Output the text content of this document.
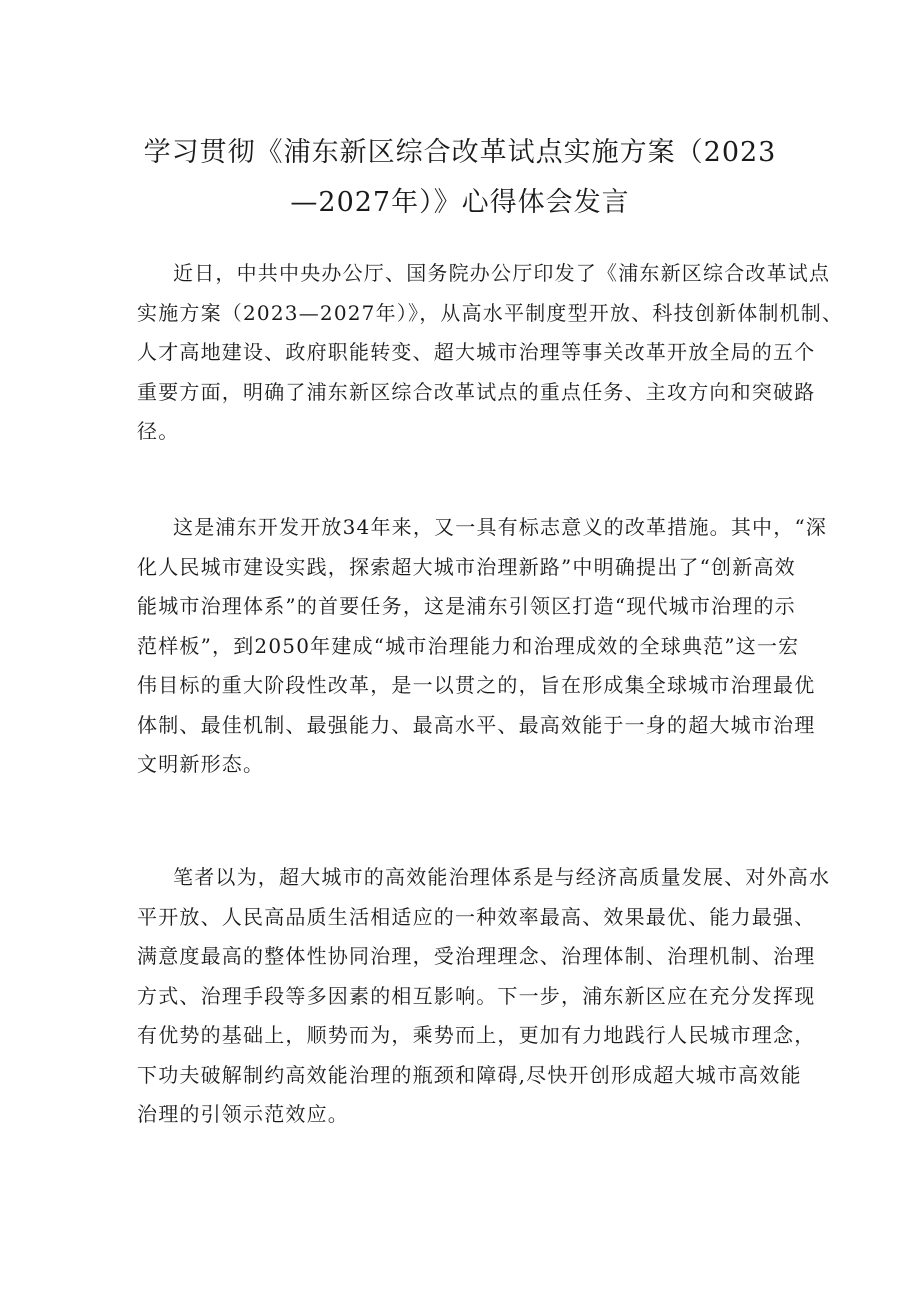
学习贯彻《浦东新区综合改革试点实施方案（2023
—2027年）》心得体会发言
近日，中共中央办公厅、国务院办公厅印发了《浦东新区综合改革试点
实施方案（2023—2027年）》，从高水平制度型开放、科技创新体制机制、
人才高地建设、政府职能转变、超大城市治理等事关改革开放全局的五个
重要方面，明确了浦东新区综合改革试点的重点任务、主攻方向和突破路
径。
这是浦东开发开放34年来，又一具有标志意义的改革措施。其中，“深
化人民城市建设实践，探索超大城市治理新路”中明确提出了“创新高效
能城市治理体系”的首要任务，这是浦东引领区打造“现代城市治理的示
范样板”，到2050年建成“城市治理能力和治理成效的全球典范”这一宏
伟目标的重大阶段性改革，是一以贯之的，旨在形成集全球城市治理最优
体制、最佳机制、最强能力、最高水平、最高效能于一身的超大城市治理
文明新形态。
笔者以为，超大城市的高效能治理体系是与经济高质量发展、对外高水
平开放、人民高品质生活相适应的一种效率最高、效果最优、能力最强、
满意度最高的整体性协同治理，受治理理念、治理体制、治理机制、治理
方式、治理手段等多因素的相互影响。下一步，浦东新区应在充分发挥现
有优势的基础上，顺势而为，乘势而上，更加有力地践行人民城市理念，
下功夫破解制约高效能治理的瓶颈和障碍,尽快开创形成超大城市高效能
治理的引领示范效应。
